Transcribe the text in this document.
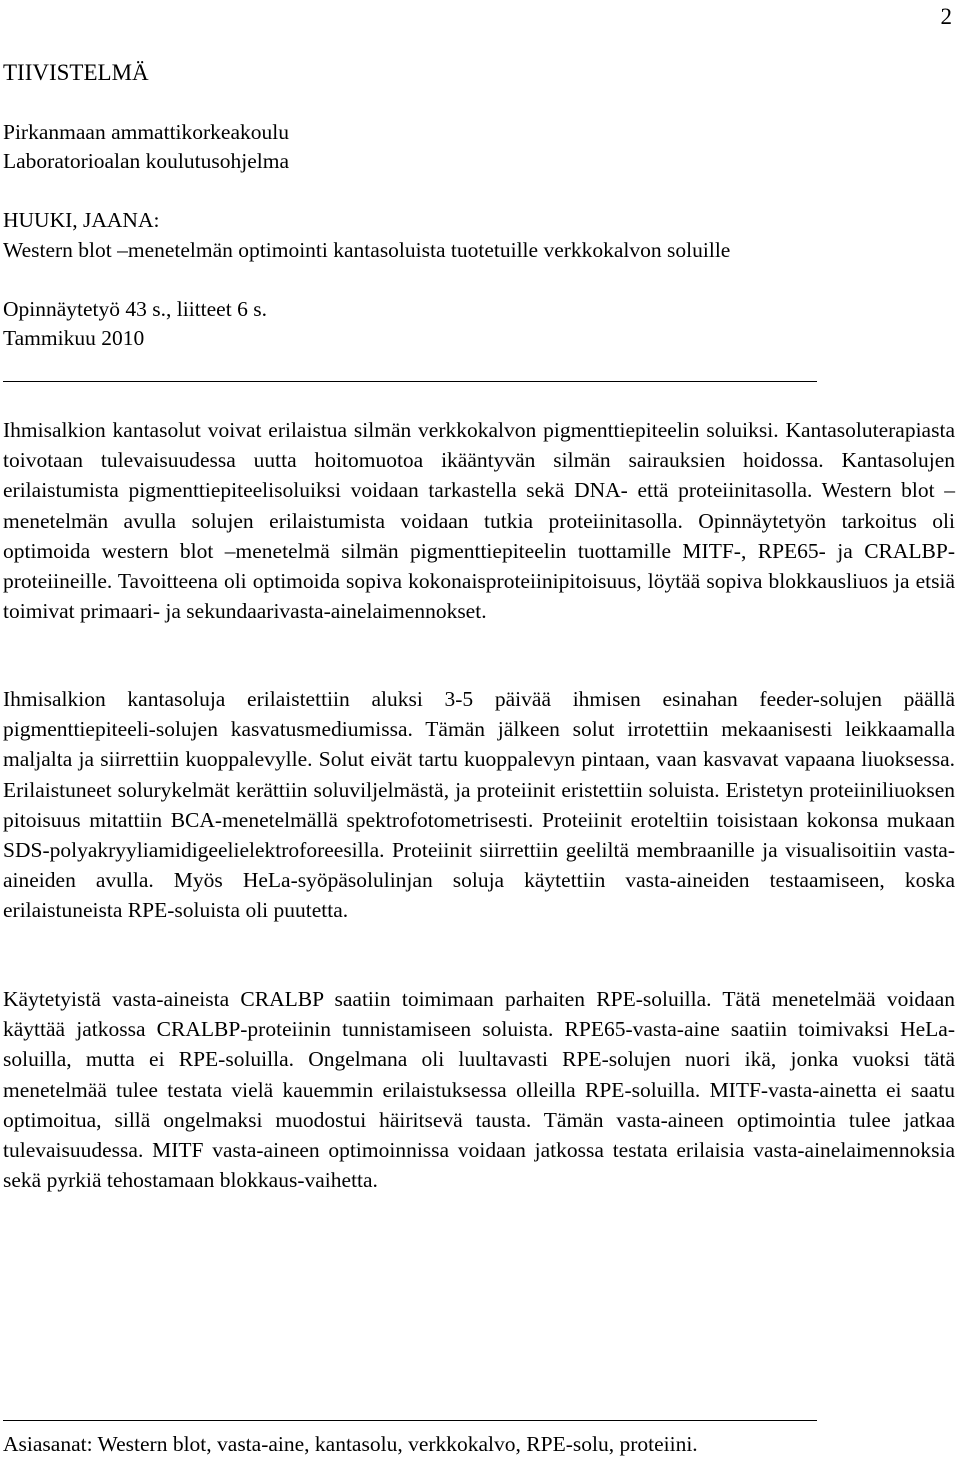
2
TIIVISTELMÄ
Pirkanmaan ammattikorkeakoulu
Laboratorioalan koulutusohjelma
HUUKI, JAANA:
Western blot –menetelmän optimointi kantasoluista tuotetuille verkkokalvon soluille
Opinnäytetyö 43 s., liitteet 6 s.
Tammikuu 2010
Ihmisalkion kantasolut voivat erilaistua silmän verkkokalvon pigmenttiepiteelin soluiksi. Kantasoluterapiasta toivotaan tulevaisuudessa uutta hoitomuotoa ikääntyvän silmän sairauksien hoidossa. Kantasolujen erilaistumista pigmenttiepiteelisoluiksi voidaan tarkastella sekä DNA- että proteiinitasolla. Western blot –menetelmän avulla solujen erilaistumista voidaan tutkia proteiinitasolla. Opinnäytetyön tarkoitus oli optimoida western blot –menetelmä silmän pigmenttiepiteelin tuottamille MITF-, RPE65- ja CRALBP-proteiineille. Tavoitteena oli optimoida sopiva kokonaisproteiinipitoisuus, löytää sopiva blokkausliuos ja etsiä toimivat primaari- ja sekundaarivasta-ainelaimennokset.
Ihmisalkion kantasoluja erilaistettiin aluksi 3-5 päivää ihmisen esinahan feeder-solujen päällä pigmenttiepiteeli-solujen kasvatusmediumissa. Tämän jälkeen solut irrotettiin mekaanisesti leikkaamalla maljalta ja siirrettiin kuoppalevylle. Solut eivät tartu kuoppalevyn pintaan, vaan kasvavat vapaana liuoksessa. Erilaistuneet solurykelmät kerättiin soluviljelmästä, ja proteiinit eristettiin soluista. Eristetyn proteiiniliuoksen pitoisuus mitattiin BCA-menetelmällä spektrofotometrisesti. Proteiinit eroteltiin toisistaan kokonsa mukaan SDS-polyakryyliamidigeelielektroforeesilla. Proteiinit siirrettiin geeliltä membraanille ja visualisoitiin vasta-aineiden avulla. Myös HeLa-syöpäsolulinjan soluja käytettiin vasta-aineiden testaamiseen, koska erilaistuneista RPE-soluista oli puutetta.
Käytetyistä vasta-aineista CRALBP saatiin toimimaan parhaiten RPE-soluilla. Tätä menetelmää voidaan käyttää jatkossa CRALBP-proteiinin tunnistamiseen soluista. RPE65-vasta-aine saatiin toimivaksi HeLa-soluilla, mutta ei RPE-soluilla. Ongelmana oli luultavasti RPE-solujen nuori ikä, jonka vuoksi tätä menetelmää tulee testata vielä kauemmin erilaistuksessa olleilla RPE-soluilla. MITF-vasta-ainetta ei saatu optimoitua, sillä ongelmaksi muodostui häiritsevä tausta. Tämän vasta-aineen optimointia tulee jatkaa tulevaisuudessa. MITF vasta-aineen optimoinnissa voidaan jatkossa testata erilaisia vasta-ainelaimennoksia sekä pyrkiä tehostamaan blokkaus-vaihetta.
Asiasanat: Western blot, vasta-aine, kantasolu, verkkokalvo, RPE-solu, proteiini.
